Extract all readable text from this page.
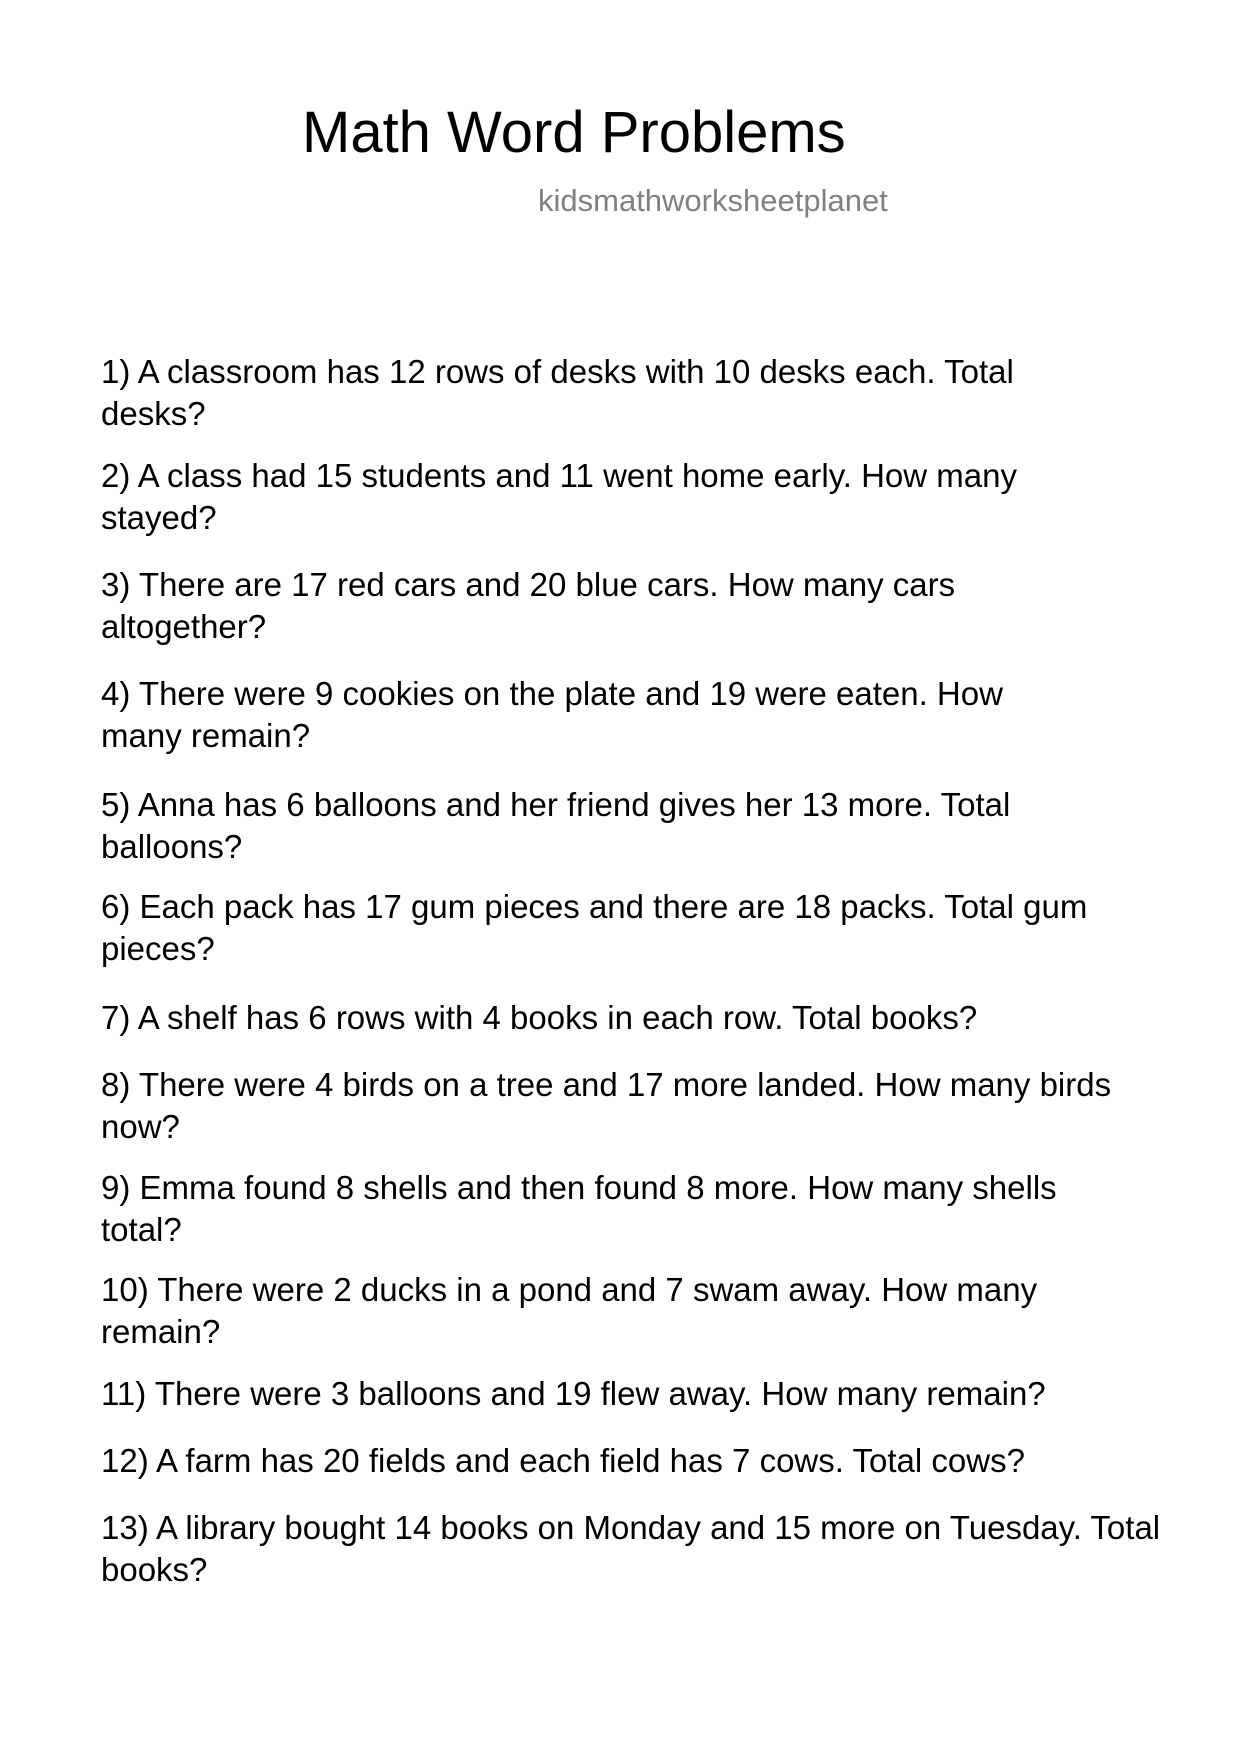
Math Word Problems
kidsmathworksheetplanet
1) A classroom has 12 rows of desks with 10 desks each. Total desks?
2) A class had 15 students and 11 went home early. How many stayed?
3) There are 17 red cars and 20 blue cars. How many cars altogether?
4) There were 9 cookies on the plate and 19 were eaten. How many remain?
5) Anna has 6 balloons and her friend gives her 13 more. Total balloons?
6) Each pack has 17 gum pieces and there are 18 packs. Total gum pieces?
7) A shelf has 6 rows with 4 books in each row. Total books?
8) There were 4 birds on a tree and 17 more landed. How many birds now?
9) Emma found 8 shells and then found 8 more. How many shells total?
10) There were 2 ducks in a pond and 7 swam away. How many remain?
11) There were 3 balloons and 19 flew away. How many remain?
12) A farm has 20 fields and each field has 7 cows. Total cows?
13) A library bought 14 books on Monday and 15 more on Tuesday. Total books?
